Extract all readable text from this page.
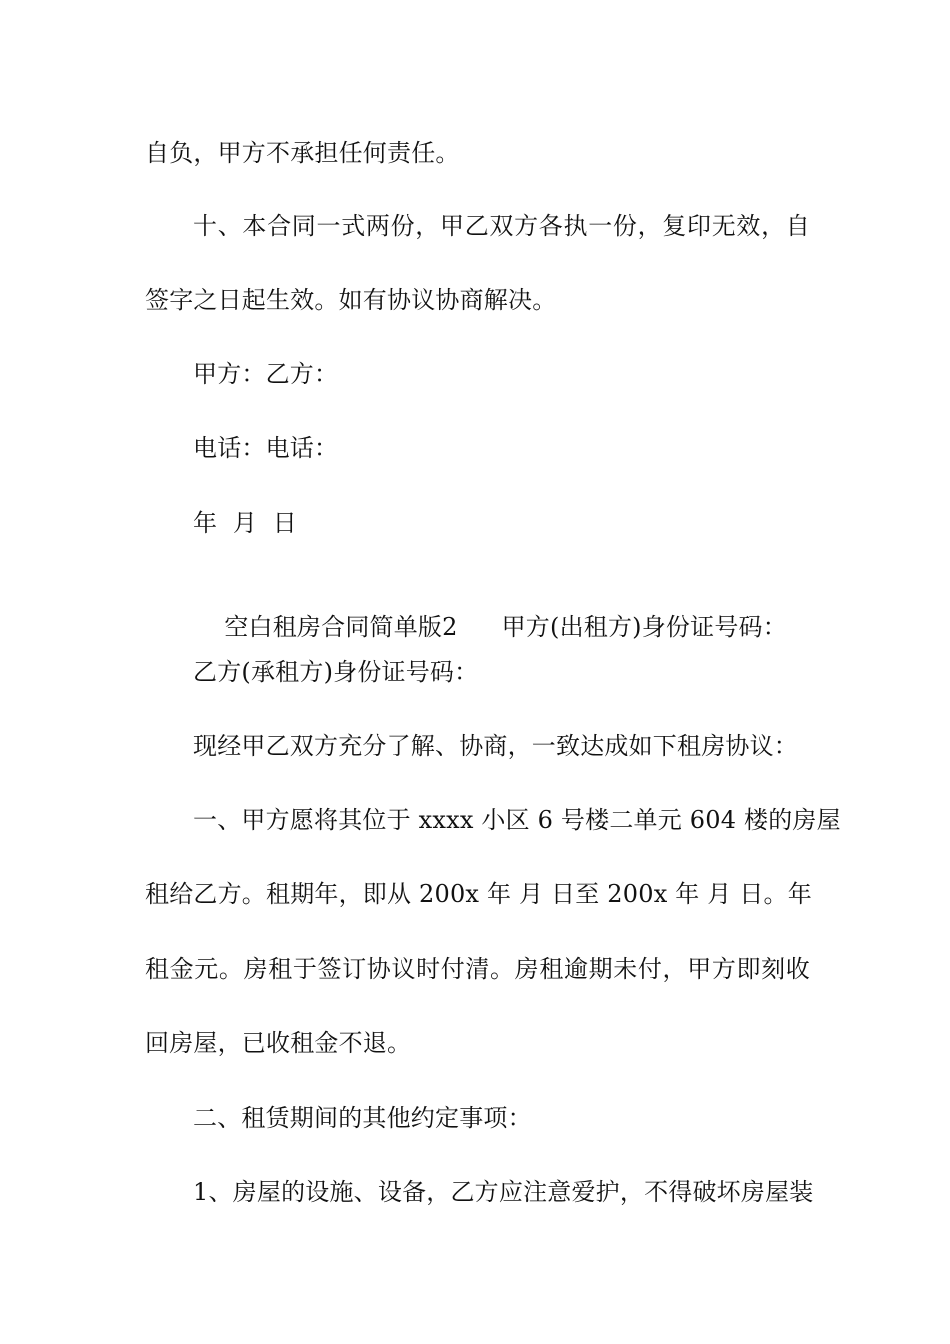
自负，甲方不承担任何责任。
十、本合同一式两份，甲乙双方各执一份，复印无效，自
签字之日起生效。如有协议协商解决。
甲方：乙方：
电话：电话：
年  月  日

空白租房合同简单版2 甲方(出租方)身份证号码：

乙方(承租方)身份证号码：
现经甲乙双方充分了解、协商，一致达成如下租房协议：
一、甲方愿将其位于 xxxx 小区 6 号楼二单元 604 楼的房屋
租给乙方。租期年，即从 200x 年 月 日至 200x 年 月 日。年
租金元。房租于签订协议时付清。房租逾期未付，甲方即刻收
回房屋，已收租金不退。
二、租赁期间的其他约定事项：
1、房屋的设施、设备，乙方应注意爱护，不得破坏房屋装
